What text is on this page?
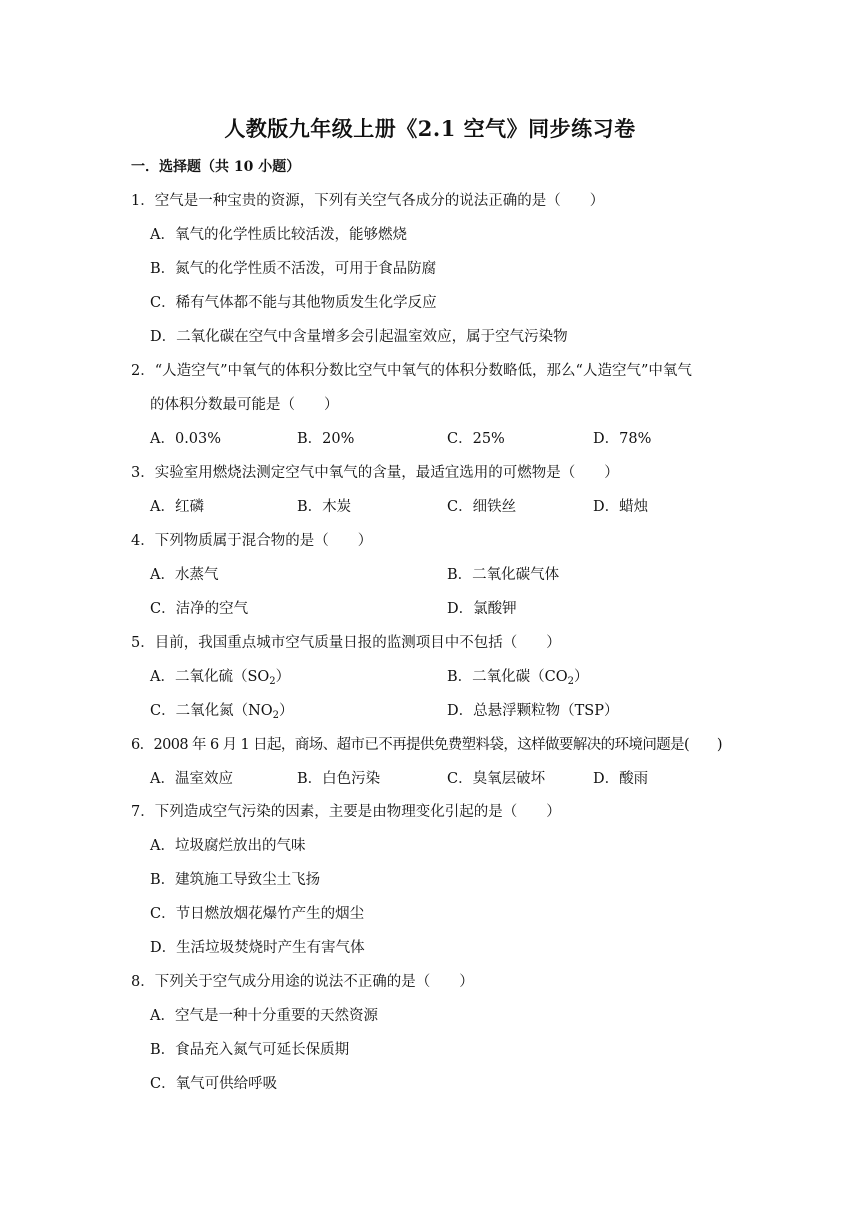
人教版九年级上册《2.1 空气》同步练习卷
一．选择题（共 10 小题）
1．空气是一种宝贵的资源，下列有关空气各成分的说法正确的是（　　）
A．氧气的化学性质比较活泼，能够燃烧
B．氮气的化学性质不活泼，可用于食品防腐
C．稀有气体都不能与其他物质发生化学反应
D．二氧化碳在空气中含量增多会引起温室效应，属于空气污染物
2．“人造空气”中氧气的体积分数比空气中氧气的体积分数略低，那么“人造空气”中氧气
的体积分数最可能是（　　）
A．0.03%	B．20%	C．25%	D．78%
3．实验室用燃烧法测定空气中氧气的含量，最适宜选用的可燃物是（　　）
A．红磷	B．木炭	C．细铁丝	D．蜡烛
4．下列物质属于混合物的是（　　）
A．水蒸气	B．二氧化碳气体
C．洁净的空气	D．氯酸钾
5．目前，我国重点城市空气质量日报的监测项目中不包括（　　）
A．二氧化硫$(SO_2)$	B．二氧化碳$(CO_2)$
C．二氧化氮$(NO_2)$	D．总悬浮颗粒物（TSP）
6．2008 年 6 月 1 日起，商场、超市已不再提供免费塑料袋，这样做要解决的环境问题是(　　)
A．温室效应	B．白色污染	C．臭氧层破坏	D．酸雨
7．下列造成空气污染的因素，主要是由物理变化引起的是（　　）
A．垃圾腐烂放出的气味
B．建筑施工导致尘土飞扬
C．节日燃放烟花爆竹产生的烟尘
D．生活垃圾焚烧时产生有害气体
8．下列关于空气成分用途的说法不正确的是（　　）
A．空气是一种十分重要的天然资源
B．食品充入氮气可延长保质期
C．氧气可供给呼吸
